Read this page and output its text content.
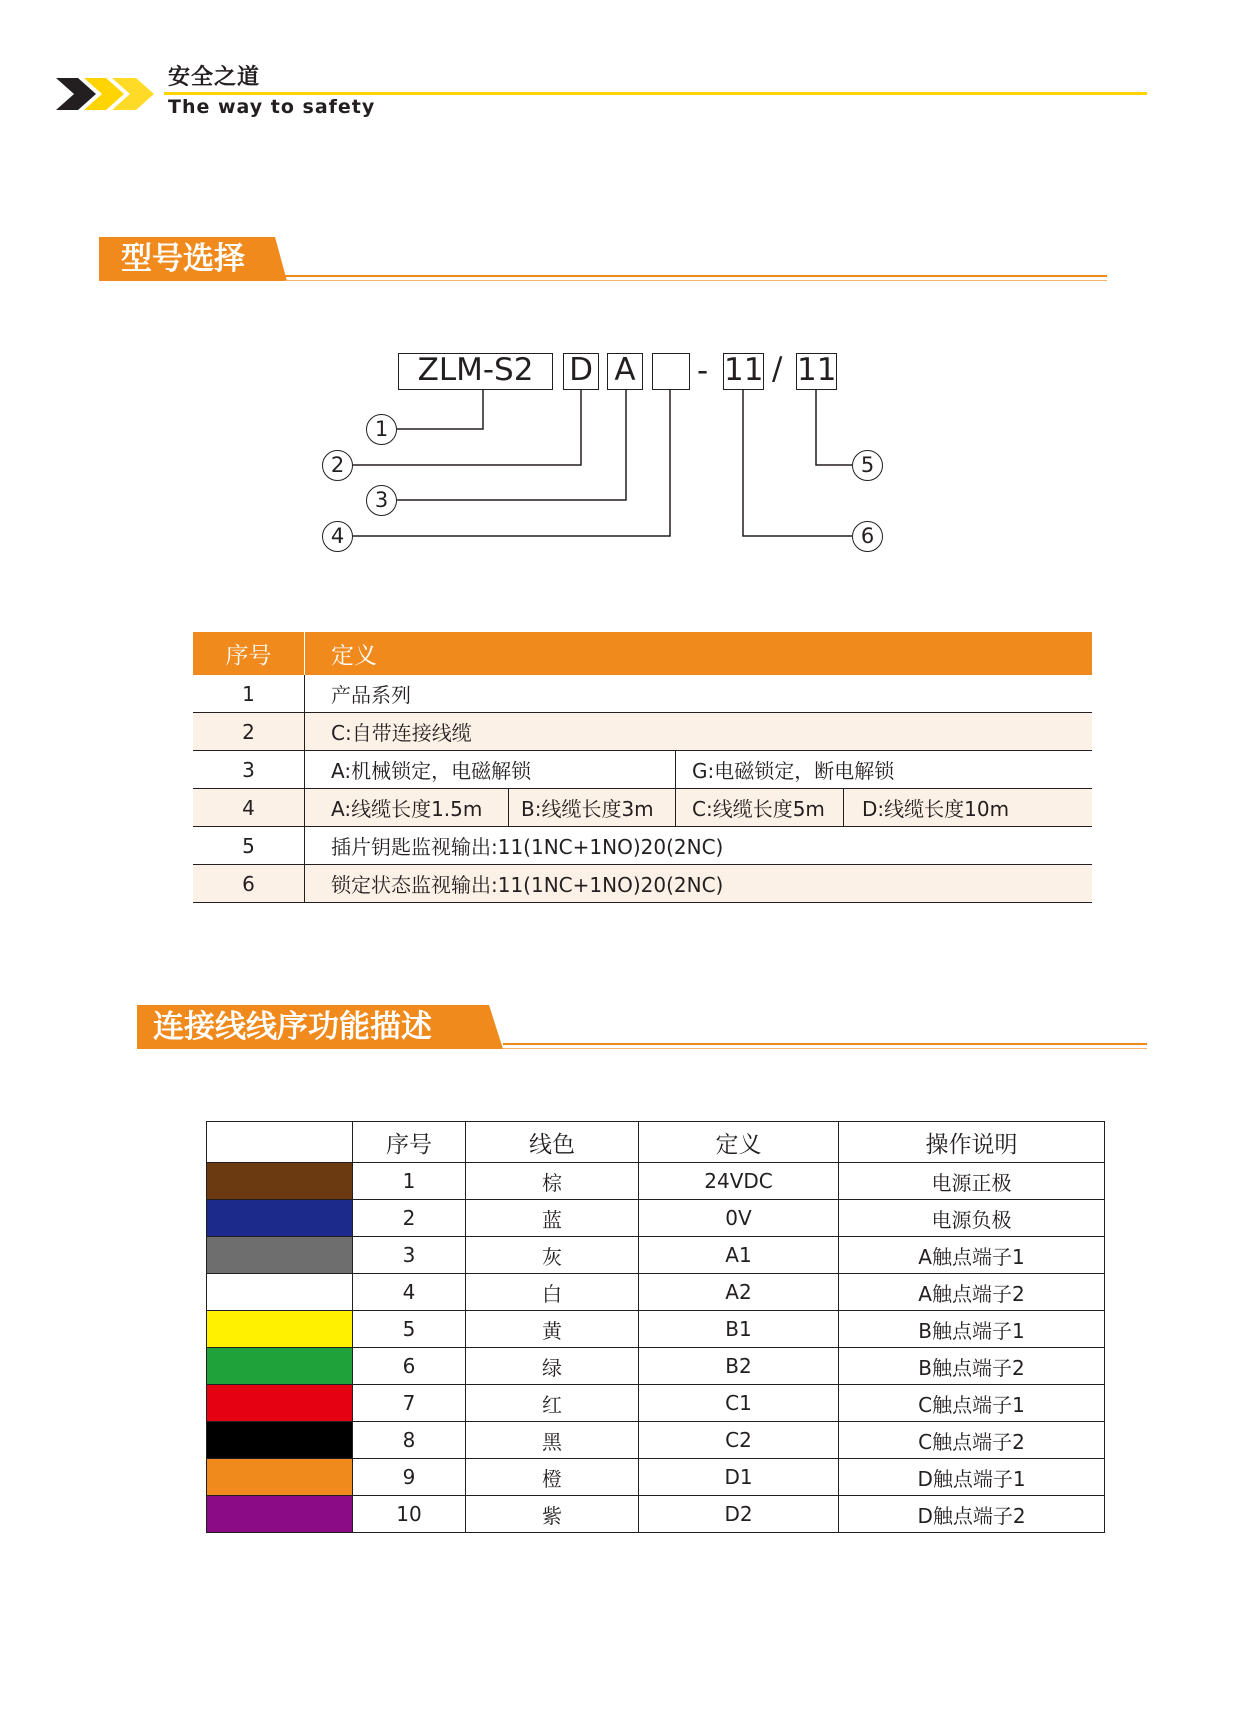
安全之道
The way to safety
型号选择
ZLM-S2	D A - 11 / 11
1
2
3
4
5
6
序号	定义
1	产品系列
2	C:自带连接线缆
3	A:机械锁定，电磁解锁 G:电磁锁定，断电解锁

4	A:线缆长度1.5m B:线缆长度3m C:线缆长度5m D:线缆长度10m

5	插片钥匙监视输出:11(1NC+1NO)20(2NC)
6	锁定状态监视输出:11(1NC+1NO)20(2NC)
连接线线序功能描述
	序号	线色	定义	操作说明
	1	棕	24VDC	电源正极
	2	蓝	0V	电源负极
	3	灰	A1	A触点端子1
	4	白	A2	A触点端子2
	5	黄	B1	B触点端子1
	6	绿	B2	B触点端子2
	7	红	C1	C触点端子1
	8	黑	C2	C触点端子2
	9	橙	D1	D触点端子1
	10	紫	D2	D触点端子2
